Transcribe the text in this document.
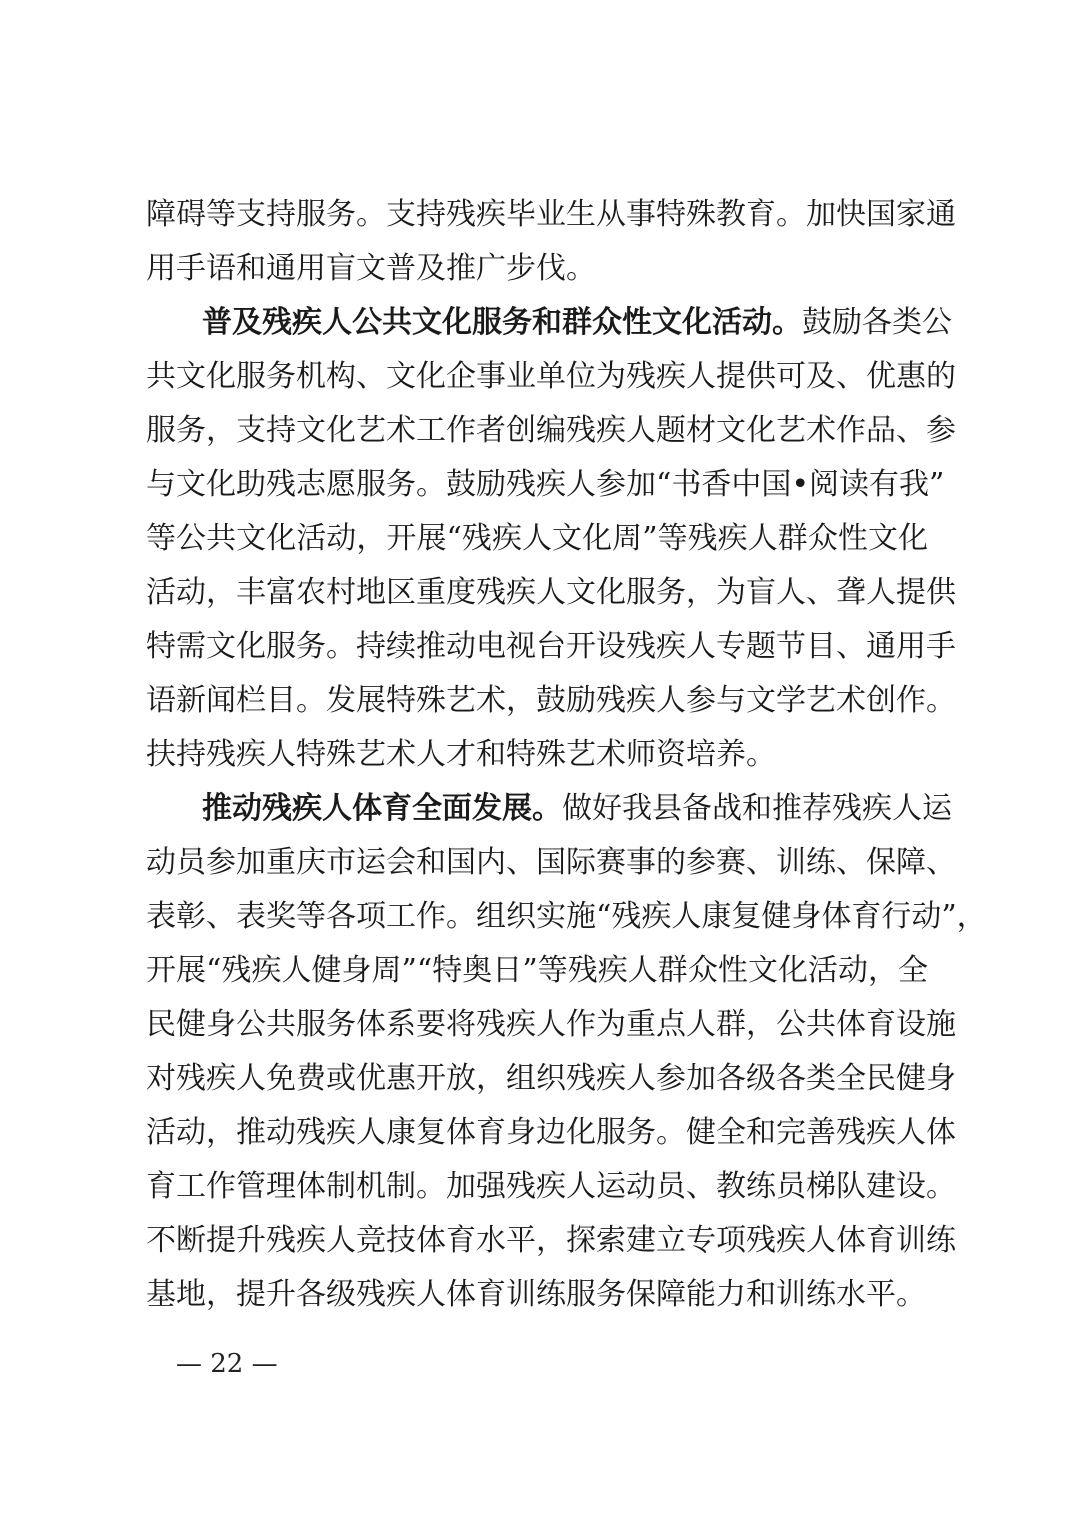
障碍等支持服务。支持残疾毕业生从事特殊教育。加快国家通
用手语和通用盲文普及推广步伐。
普及残疾人公共文化服务和群众性文化活动。鼓励各类公
共文化服务机构、文化企事业单位为残疾人提供可及、优惠的
服务，支持文化艺术工作者创编残疾人题材文化艺术作品、参
与文化助残志愿服务。鼓励残疾人参加“书香中国•阅读有我”
等公共文化活动，开展“残疾人文化周”等残疾人群众性文化
活动，丰富农村地区重度残疾人文化服务，为盲人、聋人提供
特需文化服务。持续推动电视台开设残疾人专题节目、通用手
语新闻栏目。发展特殊艺术，鼓励残疾人参与文学艺术创作。
扶持残疾人特殊艺术人才和特殊艺术师资培养。
推动残疾人体育全面发展。做好我县备战和推荐残疾人运
动员参加重庆市运会和国内、国际赛事的参赛、训练、保障、
表彰、表奖等各项工作。组织实施“残疾人康复健身体育行动”，
开展“残疾人健身周”“特奥日”等残疾人群众性文化活动，全
民健身公共服务体系要将残疾人作为重点人群，公共体育设施
对残疾人免费或优惠开放，组织残疾人参加各级各类全民健身
活动，推动残疾人康复体育身边化服务。健全和完善残疾人体
育工作管理体制机制。加强残疾人运动员、教练员梯队建设。
不断提升残疾人竞技体育水平，探索建立专项残疾人体育训练
基地，提升各级残疾人体育训练服务保障能力和训练水平。
— 22 —
